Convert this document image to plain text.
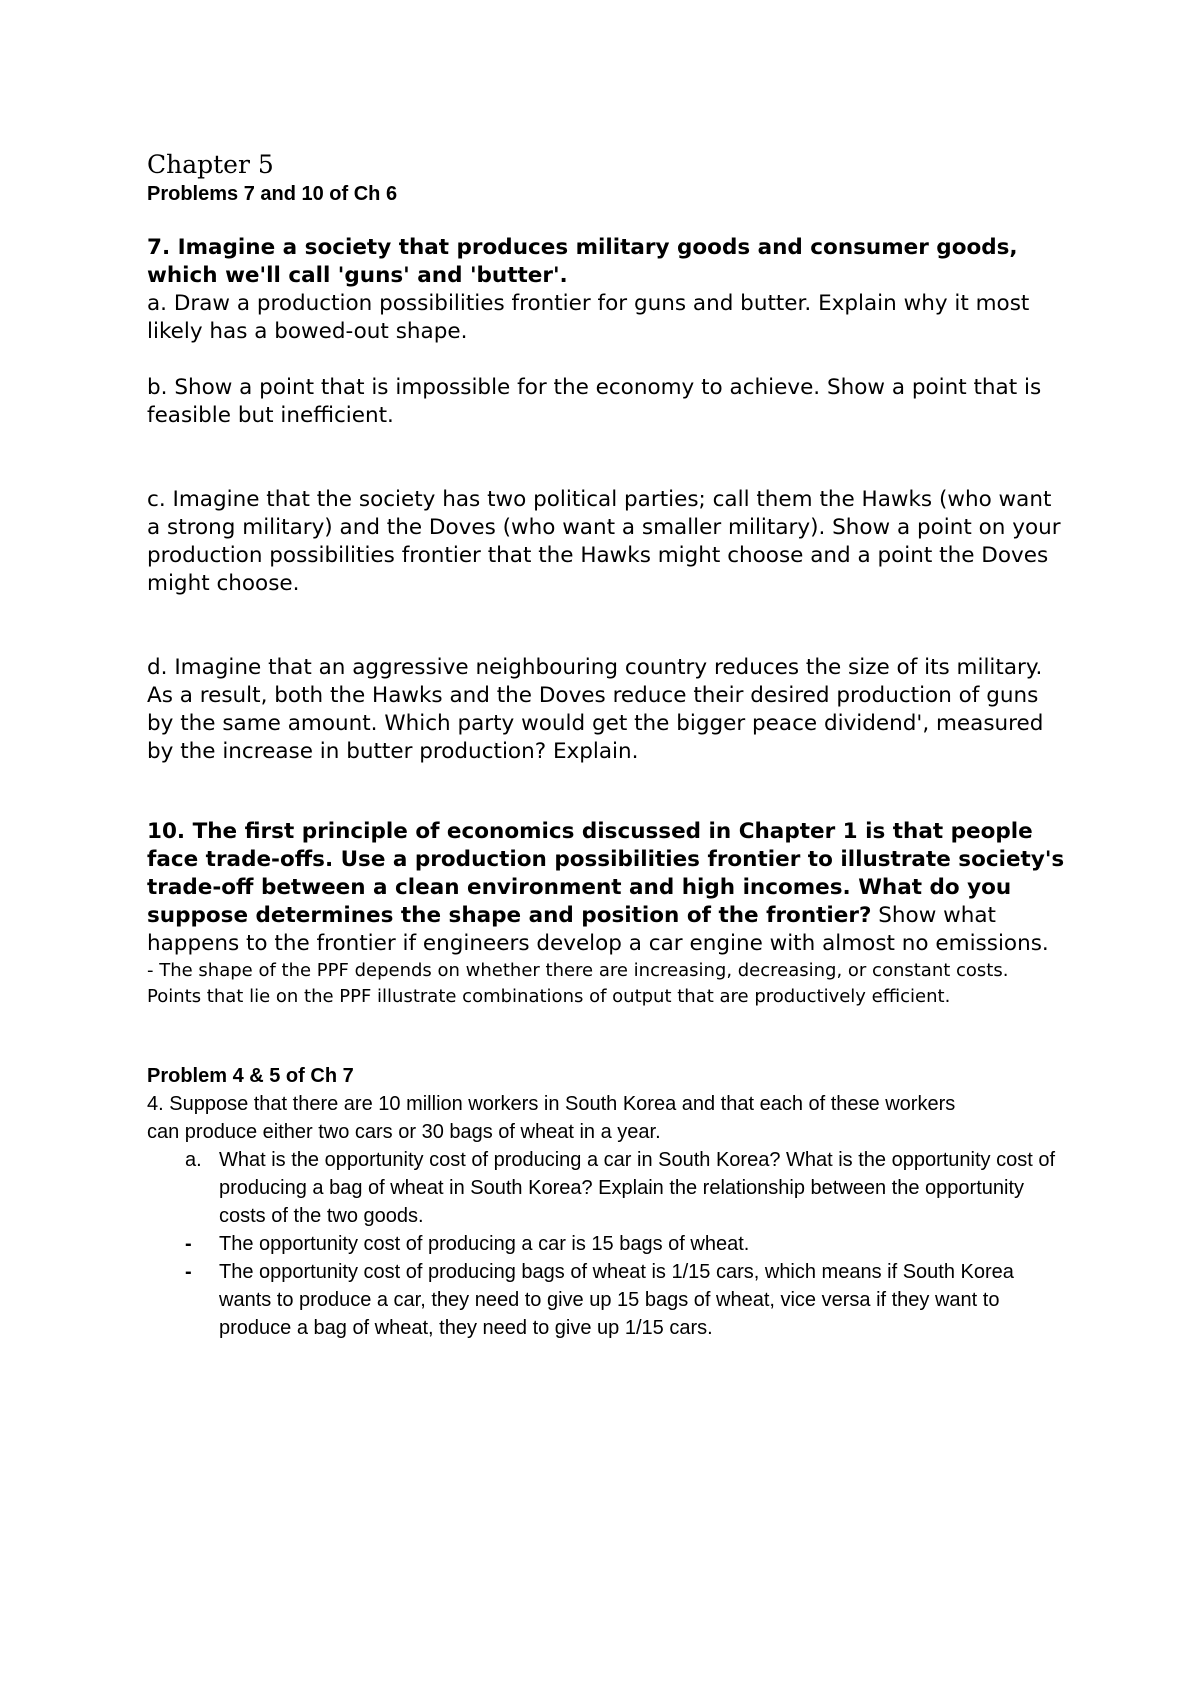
Chapter 5

Problems 7 and 10 of Ch 6

7. Imagine a society that produces military goods and consumer goods, which we'll call 'guns' and 'butter'.

a. Draw a production possibilities frontier for guns and butter. Explain why it most likely has a bowed-out shape.

b. Show a point that is impossible for the economy to achieve. Show a point that is feasible but inefficient.

c. Imagine that the society has two political parties; call them the Hawks (who want a strong military) and the Doves (who want a smaller military). Show a point on your production possibilities frontier that the Hawks might choose and a point the Doves might choose.

d. Imagine that an aggressive neighbouring country reduces the size of its military. As a result, both the Hawks and the Doves reduce their desired production of guns by the same amount. Which party would get the bigger peace dividend', measured by the increase in butter production? Explain.

10. The first principle of economics discussed in Chapter 1 is that people face trade-offs. Use a production possibilities frontier to illustrate society's trade-off between a clean environment and high incomes. What do you suppose determines the shape and position of the frontier? Show what happens to the frontier if engineers develop a car engine with almost no emissions.

- The shape of the PPF depends on whether there are increasing, decreasing, or constant costs. Points that lie on the PPF illustrate combinations of output that are productively efficient.

Problem 4 & 5 of Ch 7

4. Suppose that there are 10 million workers in South Korea and that each of these workers

can produce either two cars or 30 bags of wheat in a year.

a. What is the opportunity cost of producing a car in South Korea? What is the opportunity cost of producing a bag of wheat in South Korea? Explain the relationship between the opportunity costs of the two goods.
- The opportunity cost of producing a car is 15 bags of wheat.
- The opportunity cost of producing bags of wheat is 1/15 cars, which means if South Korea wants to produce a car, they need to give up 15 bags of wheat, vice versa if they want to produce a bag of wheat, they need to give up 1/15 cars.
